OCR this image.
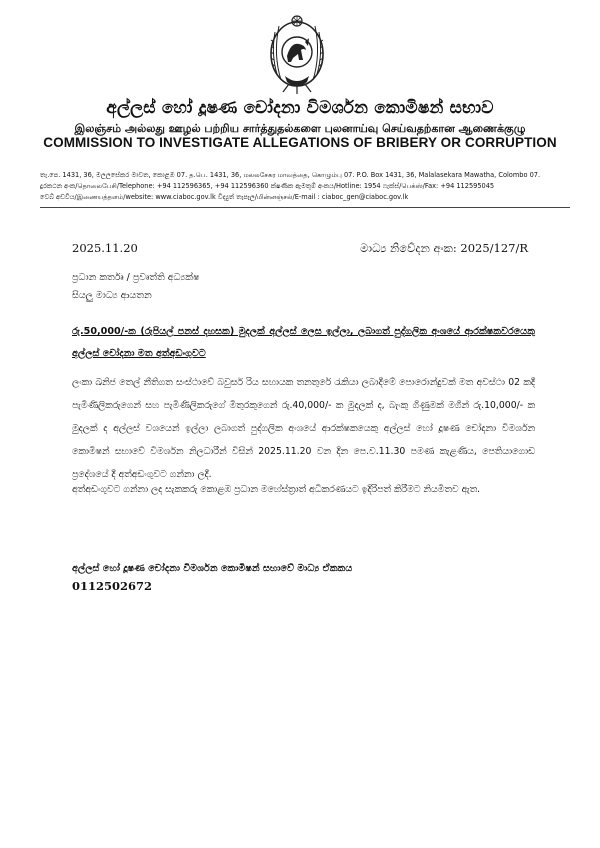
අල්ලස් හෝ දූෂණ චෝදනා විමර්ශන කොමිෂන් සභාව
இலஞ்சம் அல்லது ஊழல் பற்றிய சார்த்துதல்களை புலனாய்வு செய்வதற்கான ஆணைக்குழு
COMMISSION TO INVESTIGATE ALLEGATIONS OF BRIBERY OR CORRUPTION
තැ.පෙ. 1431, 36, මලලසේකර මාවත, කොළඹ 07. த.பெ. 1431, 36, மலலசேகர மாவத்தை, கொழும்பு 07. P.O. Box 1431, 36, Malalasekara Mawatha, Colombo 07.
දුරකථන අංක/தொலைபேசி/Telephone: +94 112596365, +94 112596360 ක්ෂණික ඇමතුම් අංකය/Hotline: 1954 ෆැක්ස්/பெக்ஸ்/Fax: +94 112595045
වෙබ් අඩවිය/இணையத்தளம்/website: www.ciaboc.gov.lk විද්‍යුත් තැපෑල/மின்னஞ்சல்/E-mail : ciaboc_gen@ciaboc.gov.lk
2025.11.20	මාධ්‍ය නිවේදන අංක: 2025/127/R
ප්‍රධාන කර්තෘ / ප්‍රවෘත්ති අධ්‍යක්ෂ
සියලු මාධ්‍ය ආයතන
රු.50,000/-ක (රුපියල් පනස් දහසක) මුදලක් අල්ලස් ලෙස ඉල්ලා, ලබාගත් පුද්ගලික අංශයේ ආරක්ෂකවරයෙකු අල්ලස් චෝදනා මත අත්අඩංගුවට
ලංකා ඛනිජ තෙල් නීතිගත සංස්ථාවේ බවුසර් රිය සහායක තනතුරේ රැකියා ලබාදීමේ පොරොන්දුවක් මත අවස්ථා 02 කදී පැමිණිලිකරුගෙන් සහ පැමිණිලිකරුගේ මිතුරකුගෙන් රු.40,000/- ක මුදලක් ද, බැංකු ගිණුමක් මගින් රු.10,000/- ක මුදලක් ද අල්ලස් වශයෙන් ඉල්ලා ලබාගත් පුද්ගලික අංශයේ ආරක්ෂකයෙකු අල්ලස් හෝ දූෂණ චෝදනා විමර්ශන කොමිෂන් සභාවේ විමර්ශන නිලධාරීන් විසින් 2025.11.20 වන දින පෙ.ව.11.30 පමණ කැළණිය, පෙතියාගොඩ ප්‍රදේශයේ දී අත්අඩංගුවට ගන්නා ලදී.
අත්අඩංගුවට ගන්නා ලද සැකකරු කොළඹ ප්‍රධාන මහේස්ත්‍රාත් අධිකරණයට ඉදිරිපත් කිරීමට නියමිතව ඇත.
අල්ලස් හෝ දූෂණ චෝදනා විමර්ශන කොමිෂන් සභාවේ මාධ්‍ය ඒකකය
0112502672
